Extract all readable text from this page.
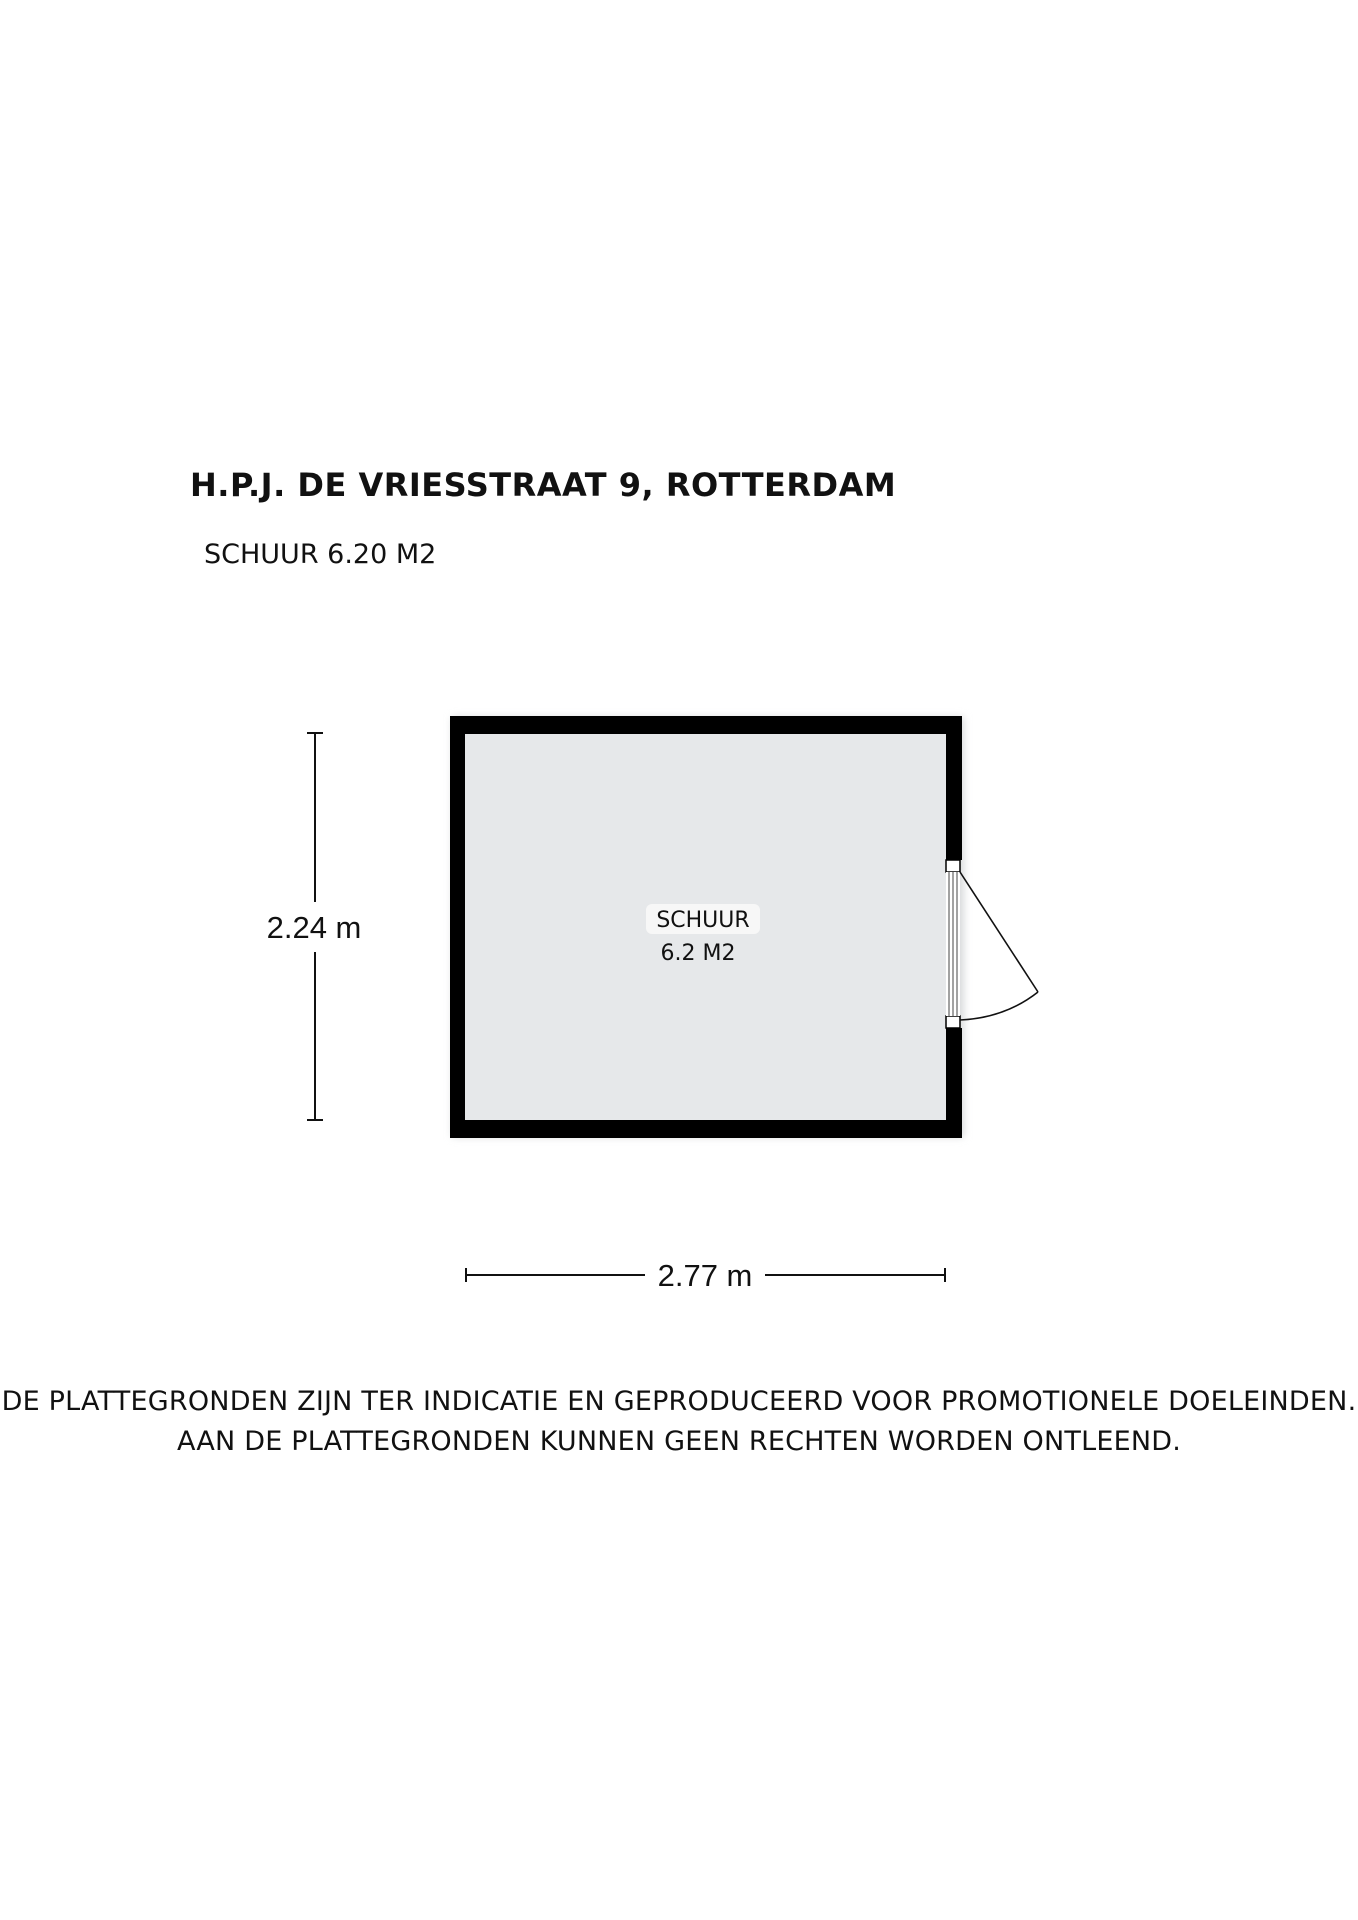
H.P.J. DE VRIESSTRAAT 9, ROTTERDAM

SCHUUR 6.20 M2

SCHUUR
6.2 M2
2.24 m
2.77 m
DE PLATTEGRONDEN ZIJN TER INDICATIE EN GEPRODUCEERD VOOR PROMOTIONELE DOELEINDEN.
AAN DE PLATTEGRONDEN KUNNEN GEEN RECHTEN WORDEN ONTLEEND.
